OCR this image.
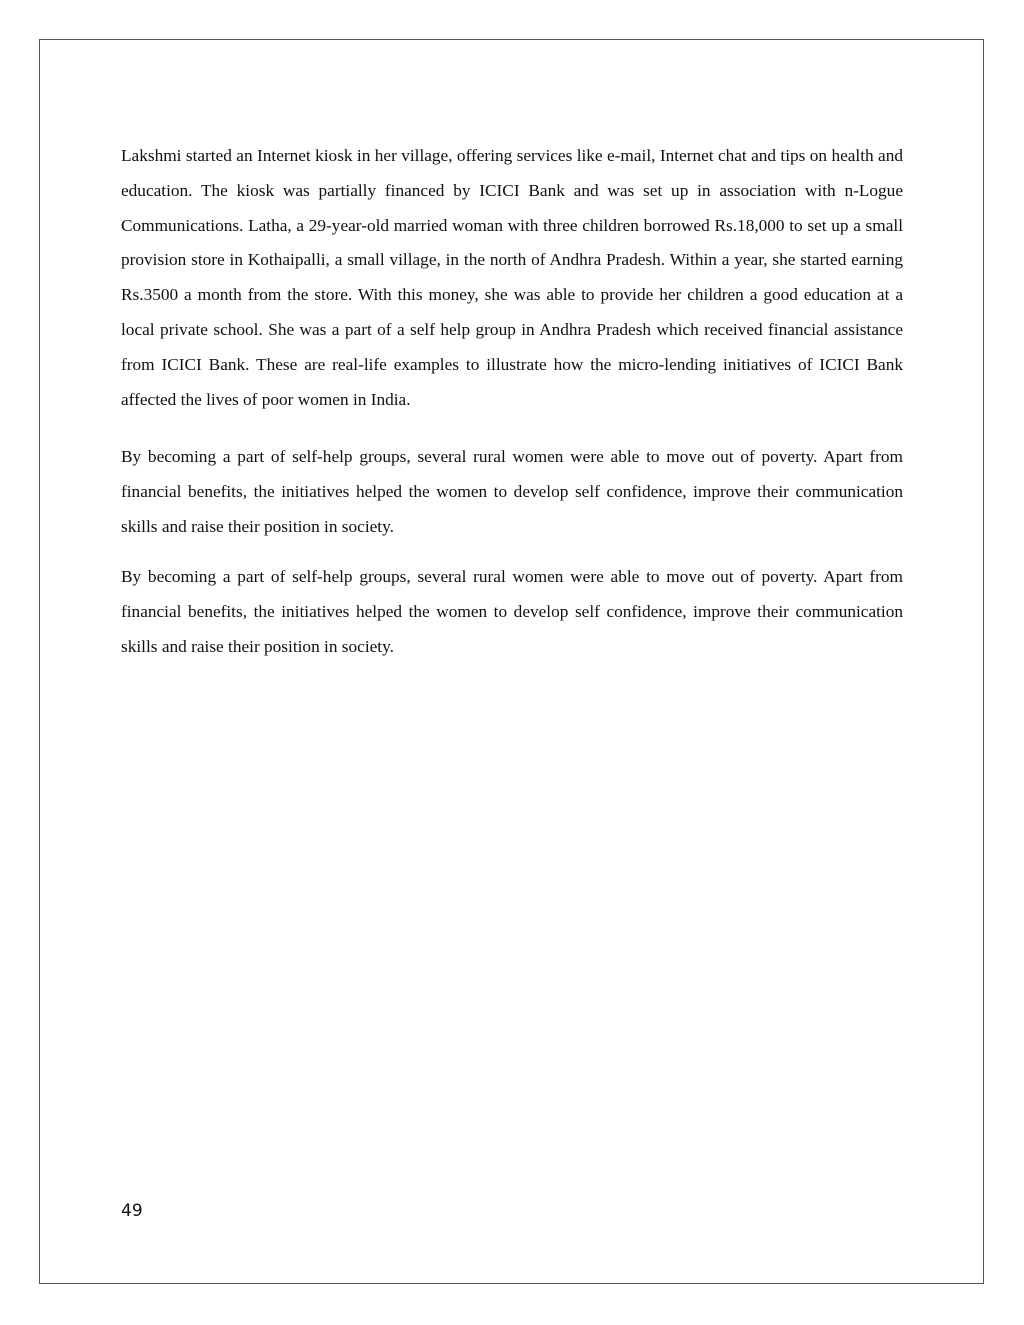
Lakshmi started an Internet kiosk in her village, offering services like e-mail, Internet chat and tips on health and education. The kiosk was partially financed by ICICI Bank and was set up in association with n-Logue Communications. Latha, a 29-year-old married woman with three children borrowed Rs.18,000 to set up a small provision store in Kothaipalli, a small village, in the north of Andhra Pradesh. Within a year, she started earning Rs.3500 a month from the store. With this money, she was able to provide her children a good education at a local private school. She was a part of a self help group in Andhra Pradesh which received financial assistance from ICICI Bank. These are real-life examples to illustrate how the micro-lending initiatives of ICICI Bank affected the lives of poor women in India.

By becoming a part of self-help groups, several rural women were able to move out of poverty. Apart from financial benefits, the initiatives helped the women to develop self confidence, improve their communication skills and raise their position in society.

By becoming a part of self-help groups, several rural women were able to move out of poverty. Apart from financial benefits, the initiatives helped the women to develop self confidence, improve their communication skills and raise their position in society.

49
